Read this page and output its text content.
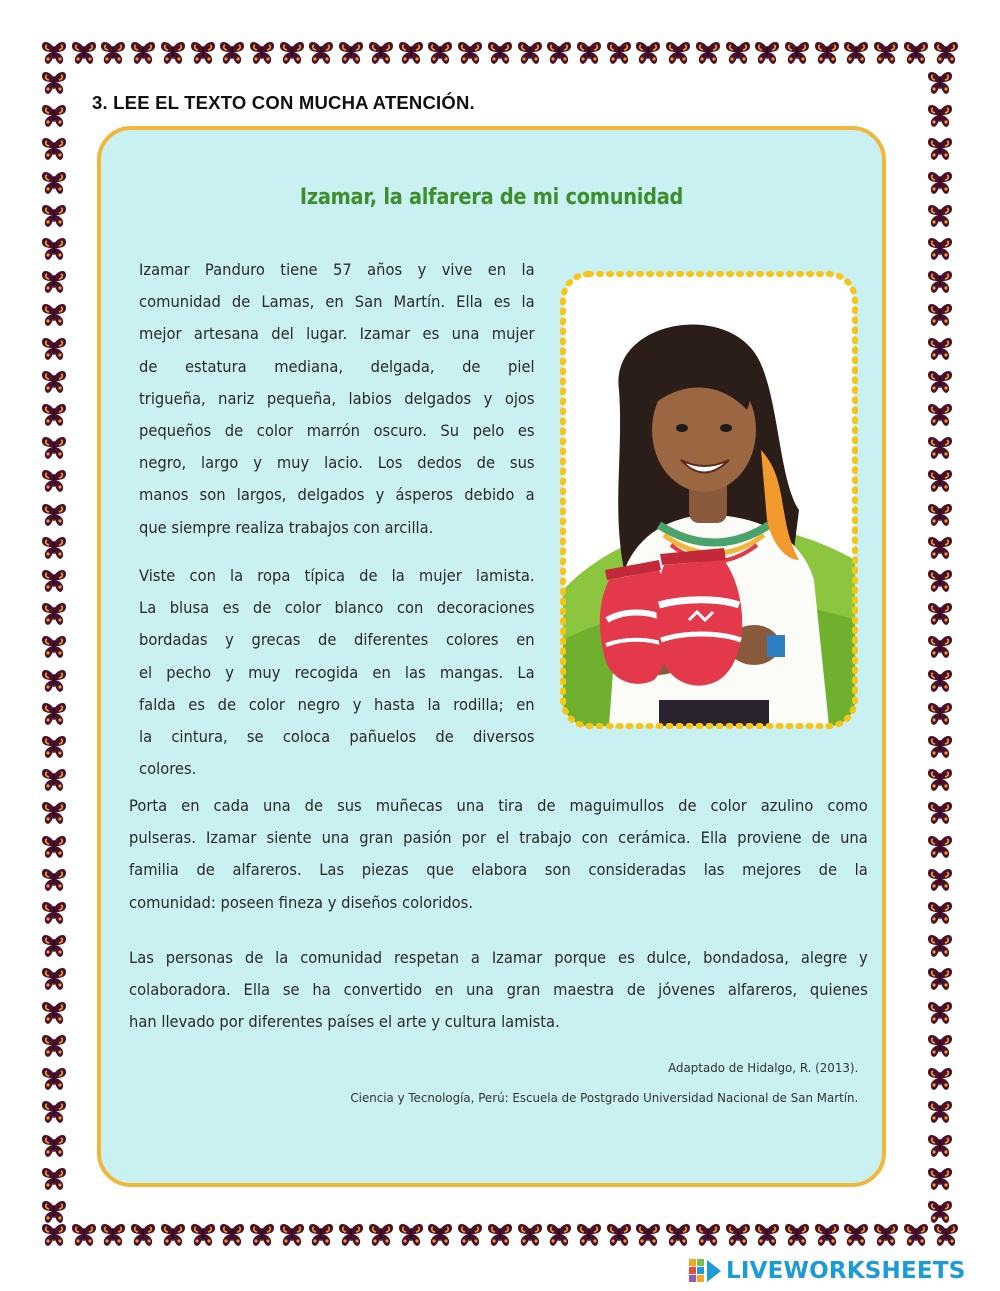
3. LEE EL TEXTO CON MUCHA ATENCIÓN.
Izamar, la alfarera de mi comunidad
Izamar Panduro tiene 57 años y vive en la
comunidad de Lamas, en San Martín. Ella es la
mejor artesana del lugar. Izamar es una mujer
de estatura mediana, delgada, de piel
trigueña, nariz pequeña, labios delgados y ojos
pequeños de color marrón oscuro. Su pelo es
negro, largo y muy lacio. Los dedos de sus
manos son largos, delgados y ásperos debido a
que siempre realiza trabajos con arcilla.
Viste con la ropa típica de la mujer lamista.
La blusa es de color blanco con decoraciones
bordadas y grecas de diferentes colores en
el pecho y muy recogida en las mangas. La
falda es de color negro y hasta la rodilla; en
la cintura, se coloca pañuelos de diversos
colores.
Porta en cada una de sus muñecas una tira de maguimullos de color azulino como
pulseras. Izamar siente una gran pasión por el trabajo con cerámica. Ella proviene de una
familia de alfareros. Las piezas que elabora son consideradas las mejores de la
comunidad: poseen fineza y diseños coloridos.
Las personas de la comunidad respetan a Izamar porque es dulce, bondadosa, alegre y
colaboradora. Ella se ha convertido en una gran maestra de jóvenes alfareros, quienes
han llevado por diferentes países el arte y cultura lamista.
Adaptado de Hidalgo, R. (2013).
Ciencia y Tecnología, Perú: Escuela de Postgrado Universidad Nacional de San Martín.
LIVEWORKSHEETS
